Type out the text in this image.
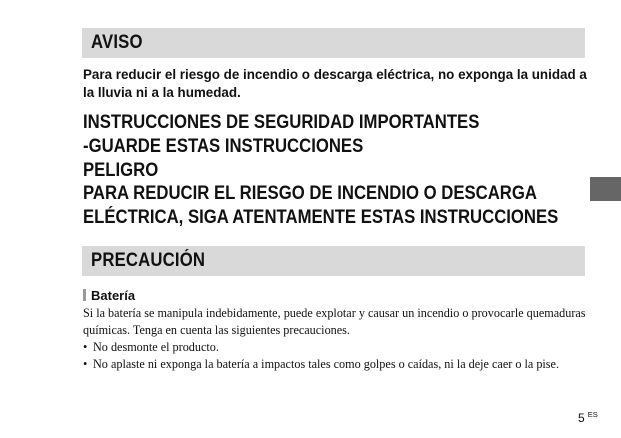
AVISO
Para reducir el riesgo de incendio o descarga eléctrica, no exponga la unidad a la lluvia ni a la humedad.
INSTRUCCIONES DE SEGURIDAD IMPORTANTES
-GUARDE ESTAS INSTRUCCIONES
PELIGRO
PARA REDUCIR EL RIESGO DE INCENDIO O DESCARGA
ELÉCTRICA, SIGA ATENTAMENTE ESTAS INSTRUCCIONES
PRECAUCIÓN
Batería
Si la batería se manipula indebidamente, puede explotar y causar un incendio o provocarle quemaduras químicas. Tenga en cuenta las siguientes precauciones.
• No desmonte el producto.
• No aplaste ni exponga la batería a impactos tales como golpes o caídas, ni la deje caer o la pise.
5 $^{ES}$
